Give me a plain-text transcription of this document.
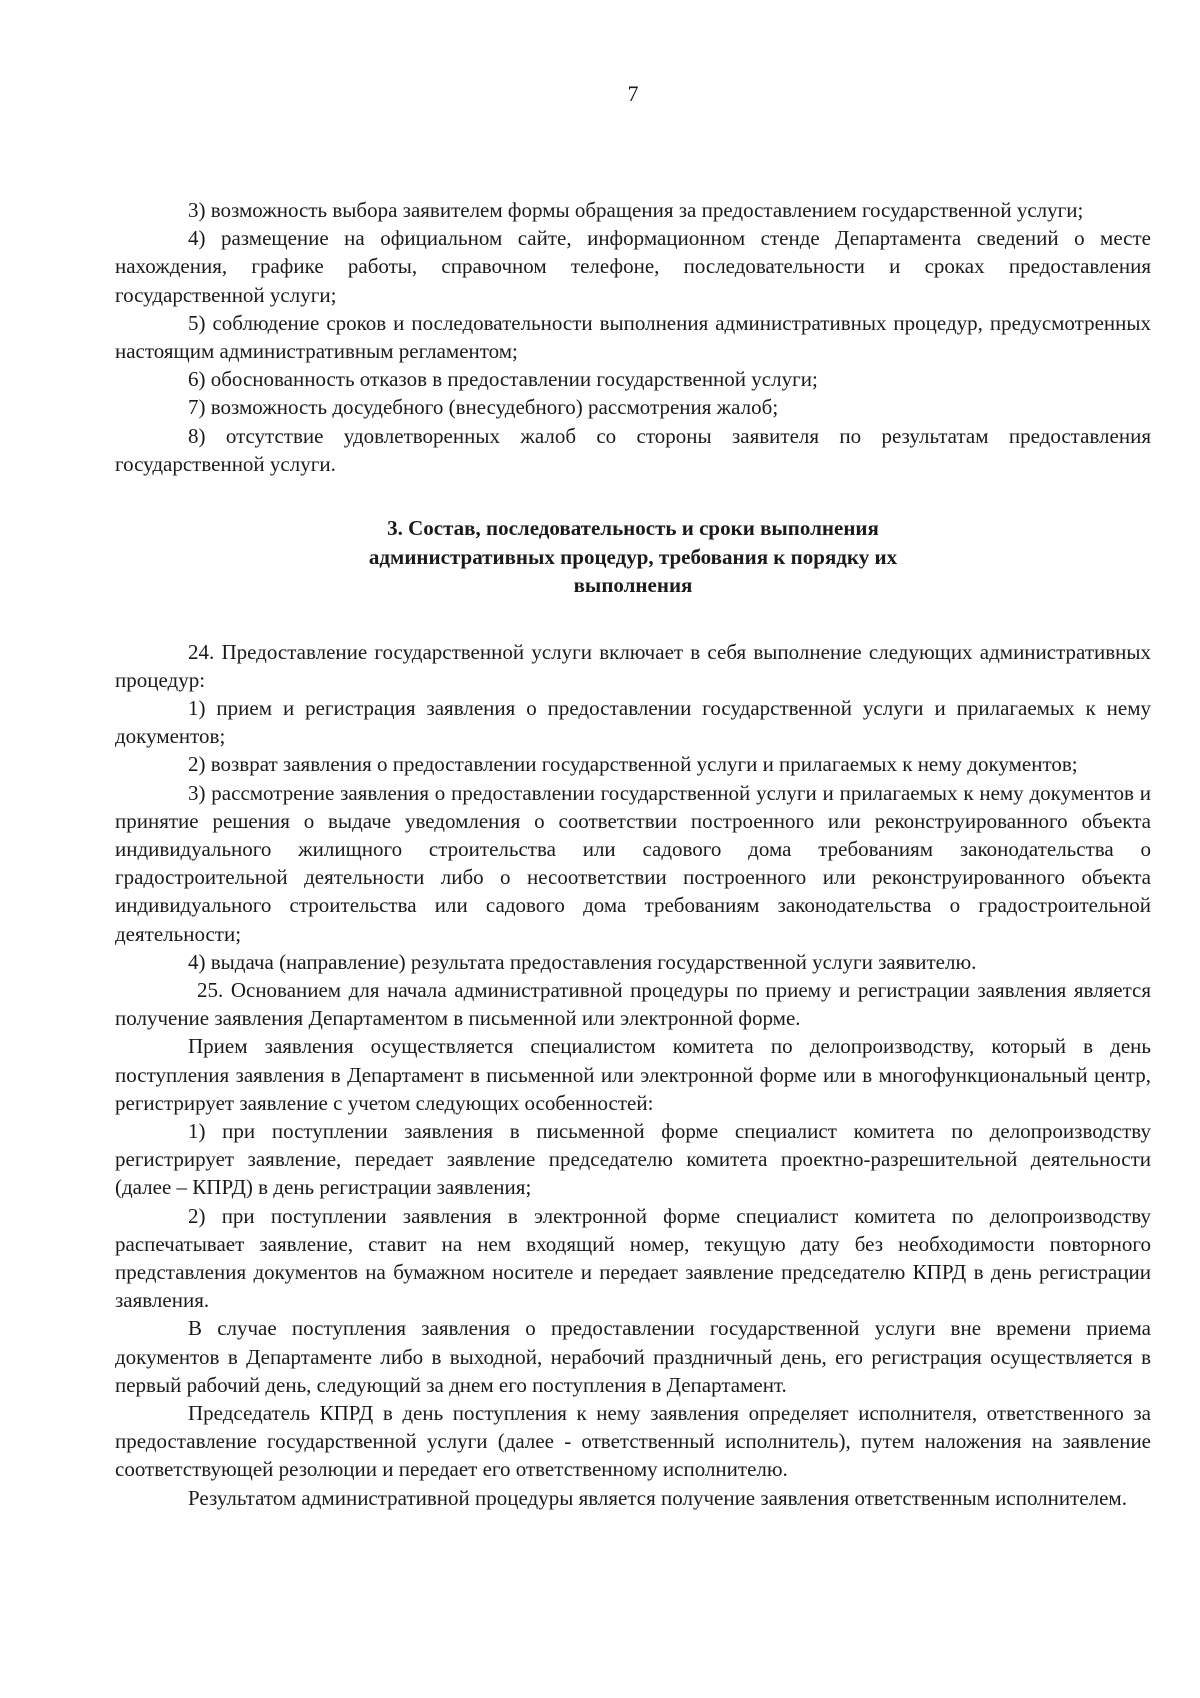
7

3) возможность выбора заявителем формы обращения за предоставлением государственной услуги;

4) размещение на официальном сайте, информационном стенде Департамента сведений о месте нахождения, графике работы, справочном телефоне, последовательности и сроках предоставления государственной услуги;

5) соблюдение сроков и последовательности выполнения административных процедур, предусмотренных настоящим административным регламентом;

6) обоснованность отказов в предоставлении государственной услуги;

7) возможность досудебного (внесудебного) рассмотрения жалоб;

8) отсутствие удовлетворенных жалоб со стороны заявителя по результатам предоставления государственной услуги.

3. Состав, последовательность и сроки выполнения
административных процедур, требования к порядку их
выполнения

24. Предоставление государственной услуги включает в себя выполнение следующих административных процедур:

1) прием и регистрация заявления о предоставлении государственной услуги и прилагаемых к нему документов;

2) возврат заявления о предоставлении государственной услуги и прилагаемых к нему документов;

3) рассмотрение заявления о предоставлении государственной услуги и прилагаемых к нему документов и принятие решения о выдаче уведомления о соответствии построенного или реконструированного объекта индивидуального жилищного строительства или садового дома требованиям законодательства о градостроительной деятельности либо о несоответствии построенного или реконструированного объекта индивидуального строительства или садового дома требованиям законодательства о градостроительной деятельности;

4) выдача (направление) результата предоставления государственной услуги заявителю.

25. Основанием для начала административной процедуры по приему и регистрации заявления является получение заявления Департаментом в письменной или электронной форме.

Прием заявления осуществляется специалистом комитета по делопроизводству, который в день поступления заявления в Департамент в письменной или электронной форме или в многофункциональный центр, регистрирует заявление с учетом следующих особенностей:

1) при поступлении заявления в письменной форме специалист комитета по делопроизводству регистрирует заявление, передает заявление председателю комитета проектно-разрешительной деятельности (далее – КПРД) в день регистрации заявления;

2) при поступлении заявления в электронной форме специалист комитета по делопроизводству распечатывает заявление, ставит на нем входящий номер, текущую дату без необходимости повторного представления документов на бумажном носителе и передает заявление председателю КПРД в день регистрации заявления.

В случае поступления заявления о предоставлении государственной услуги вне времени приема документов в Департаменте либо в выходной, нерабочий праздничный день, его регистрация осуществляется в первый рабочий день, следующий за днем его поступления в Департамент.

Председатель КПРД в день поступления к нему заявления определяет исполнителя, ответственного за предоставление государственной услуги (далее - ответственный исполнитель), путем наложения на заявление соответствующей резолюции и передает его ответственному исполнителю.

Результатом административной процедуры является получение заявления ответственным исполнителем.
